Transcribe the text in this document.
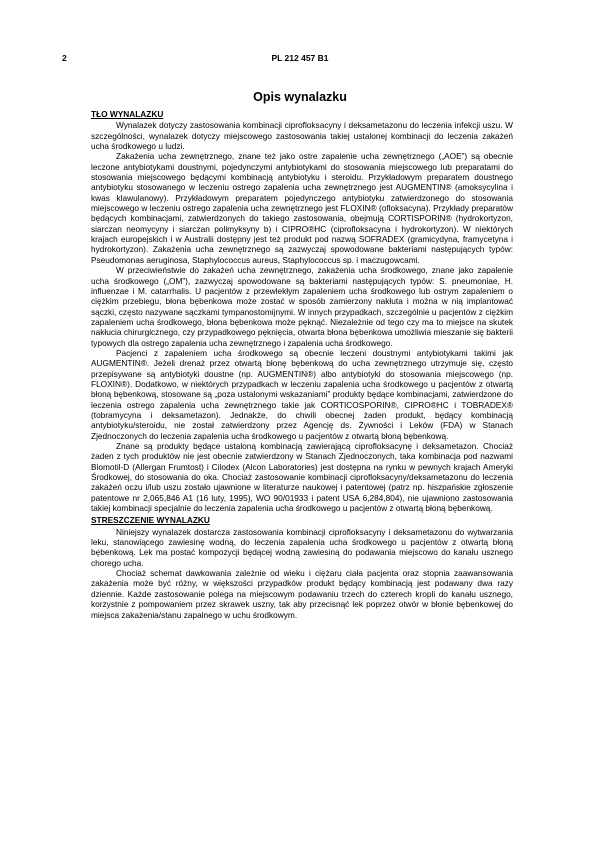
2	PL 212 457 B1
Opis wynalazku
TŁO WYNALAZKU

Wynalazek dotyczy zastosowania kombinacji ciprofloksacyny i deksametazonu do leczenia infekcji uszu. W szczególności, wynalazek dotyczy miejscowego zastosowania takiej ustalonej kombinacji do leczenia zakażeń ucha środkowego u ludzi.

Zakażenia ucha zewnętrznego, znane też jako ostre zapalenie ucha zewnętrznego („AOE”) są obecnie leczone antybiotykami doustnymi, pojedynczymi antybiotykami do stosowania miejscowego lub preparatami do stosowania miejscowego będącymi kombinacją antybiotyku i steroidu. Przykładowym preparatem doustnego antybiotyku stosowanego w leczeniu ostrego zapalenia ucha zewnętrznego jest AUGMENTIN® (amoksycylina i kwas klawulanowy). Przykładowym preparatem pojedynczego antybiotyku zatwierdzonego do stosowania miejscowego w leczeniu ostrego zapalenia ucha zewnętrznego jest FLOXIN® (ofloksacyna). Przykłady preparatów będących kombinacjami, zatwierdzonych do takiego zastosowania, obejmują CORTISPORIN® (hydrokortyzon, siarczan neomycyny i siarczan polimyksyny b) i CIPRO®HC (ciprofloksacyna i hydrokortyzon). W niektórych krajach europejskich i w Australii dostępny jest też produkt pod nazwą SOFRADEX (gramicydyna, framycetyna i hydrokortyzon). Zakażenia ucha zewnętrznego są zazwyczaj spowodowane bakteriami następujących typów: Pseudomonas aeruginosa, Staphylococcus aureus, Staphylococcus sp. i maczugowcami.

W przeciwieństwie do zakażeń ucha zewnętrznego, zakażenia ucha środkowego, znane jako zapalenie ucha środkowego („OM”), zazwyczaj spowodowane są bakteriami następujących typów: S. pneumoniae, H. influenzae i M. catarrhalis. U pacjentów z przewlekłym zapaleniem ucha środkowego lub ostrym zapaleniem o ciężkim przebiegu, błona bębenkowa może zostać w sposób zamierzony nakłuta i można w nią implantować sączki, często nazywane sączkami tympanostomijnymi. W innych przypadkach, szczególnie u pacjentów z ciężkim zapaleniem ucha środkowego, błona bębenkowa może pęknąć. Niezależnie od tego czy ma to miejsce na skutek nakłucia chirurgicznego, czy przypadkowego pęknięcia, otwarta błona bębenkowa umożliwia mieszanie się bakterii typowych dla ostrego zapalenia ucha zewnętrznego i zapalenia ucha środkowego.

Pacjenci z zapaleniem ucha środkowego są obecnie leczeni doustnymi antybiotykami takimi jak AUGMENTIN®. Jeżeli drenaż przez otwartą błonę bębenkową do ucha zewnętrznego utrzymuje się, często przepisywane są antybiotyki doustne (np. AUGMENTIN®) albo antybiotyki do stosowania miejscowego (np. FLOXIN®). Dodatkowo, w niektórych przypadkach w leczeniu zapalenia ucha środkowego u pacjentów z otwartą błoną bębenkową, stosowane są „poza ustalonymi wskazaniami” produkty będące kombinacjami, zatwierdzone do leczenia ostrego zapalenia ucha zewnętrznego takie jak CORTICOSPORIN®, CIPRO®HC i TOBRADEX® (tobramycyna i deksametazon). Jednakże, do chwili obecnej żaden produkt, będący kombinacją antybiotyku/steroidu, nie został zatwierdzony przez Agencję ds. Żywności i Leków (FDA) w Stanach Zjednoczonych do leczenia zapalenia ucha środkowego u pacjentów z otwartą błoną bębenkową.

Znane są produkty będące ustaloną kombinacją zawierającą ciprofloksacynę i deksametazon. Chociaż żaden z tych produktów nie jest obecnie zatwierdzony w Stanach Zjednoczonych, taka kombinacja pod nazwami Biomotil-D (Allergan Frumtost) i Cilodex (Alcon Laboratories) jest dostępna na rynku w pewnych krajach Ameryki Środkowej, do stosowania do oka. Chociaż zastosowanie kombinacji ciprofloksacyny/deksametazonu do leczenia zakażeń oczu i/lub uszu zostało ujawnione w literaturze naukowej i patentowej (patrz np. hiszpańskie zgłoszenie patentowe nr 2,065,846 A1 (16 luty, 1995), WO 90/01933 i patent USA 6,284,804), nie ujawniono zastosowania takiej kombinacji specjalnie do leczenia zapalenia ucha środkowego u pacjentów z otwartą błoną bębenkową.

STRESZCZENIE WYNALAZKU

Niniejszy wynalazek dostarcza zastosowania kombinacji ciprofloksacyny i deksametazonu do wytwarzania leku, stanowiącego zawiesinę wodną, do leczenia zapalenia ucha środkowego u pacjentów z otwartą błoną bębenkową. Lek ma postać kompozycji będącej wodną zawiesiną do podawania miejscowo do kanału usznego chorego ucha.

Chociaż schemat dawkowania zależnie od wieku i ciężaru ciała pacjenta oraz stopnia zaawansowania zakażenia może być różny, w większości przypadków produkt będący kombinacją jest podawany dwa razy dziennie. Każde zastosowanie polega na miejscowym podawaniu trzech do czterech kropli do kanału usznego, korzystnie z pompowaniem przez skrawek uszny, tak aby przecisnąć lek poprzez otwór w błonie bębenkowej do miejsca zakażenia/stanu zapalnego w uchu środkowym.
